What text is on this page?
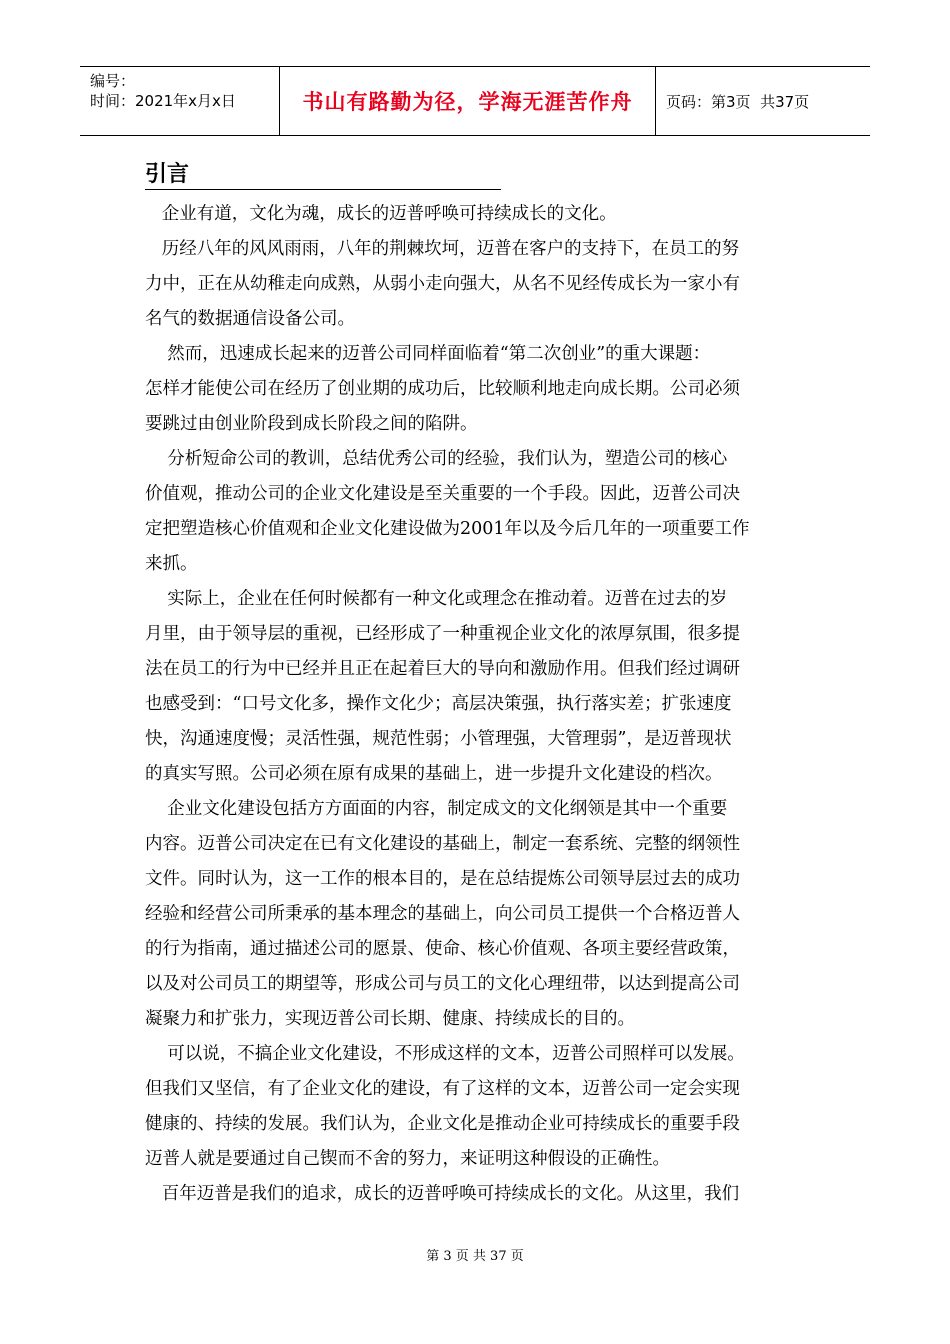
编号：
时间：2021年x月x日	书山有路勤为径，学海无涯苦作舟 页码：第3页  共37页
引言
企业有道，文化为魂，成长的迈普呼唤可持续成长的文化。
历经八年的风风雨雨，八年的荆棘坎坷，迈普在客户的支持下，在员工的努
力中，正在从幼稚走向成熟，从弱小走向强大，从名不见经传成长为一家小有
名气的数据通信设备公司。
然而，迅速成长起来的迈普公司同样面临着“第二次创业”的重大课题：
怎样才能使公司在经历了创业期的成功后，比较顺利地走向成长期。公司必须
要跳过由创业阶段到成长阶段之间的陷阱。
分析短命公司的教训，总结优秀公司的经验，我们认为，塑造公司的核心
价值观，推动公司的企业文化建设是至关重要的一个手段。因此，迈普公司决
定把塑造核心价值观和企业文化建设做为2001年以及今后几年的一项重要工作
来抓。
实际上，企业在任何时候都有一种文化或理念在推动着。迈普在过去的岁
月里，由于领导层的重视，已经形成了一种重视企业文化的浓厚氛围，很多提
法在员工的行为中已经并且正在起着巨大的导向和激励作用。但我们经过调研
也感受到：“口号文化多，操作文化少；高层决策强，执行落实差；扩张速度
快，沟通速度慢；灵活性强，规范性弱；小管理强，大管理弱”，是迈普现状
的真实写照。公司必须在原有成果的基础上，进一步提升文化建设的档次。
企业文化建设包括方方面面的内容，制定成文的文化纲领是其中一个重要
内容。迈普公司决定在已有文化建设的基础上，制定一套系统、完整的纲领性
文件。同时认为，这一工作的根本目的，是在总结提炼公司领导层过去的成功
经验和经营公司所秉承的基本理念的基础上，向公司员工提供一个合格迈普人
的行为指南，通过描述公司的愿景、使命、核心价值观、各项主要经营政策，
以及对公司员工的期望等，形成公司与员工的文化心理纽带，以达到提高公司
凝聚力和扩张力，实现迈普公司长期、健康、持续成长的目的。
可以说，不搞企业文化建设，不形成这样的文本，迈普公司照样可以发展。
但我们又坚信，有了企业文化的建设，有了这样的文本，迈普公司一定会实现
健康的、持续的发展。我们认为，企业文化是推动企业可持续成长的重要手段
迈普人就是要通过自己锲而不舍的努力，来证明这种假设的正确性。
百年迈普是我们的追求，成长的迈普呼唤可持续成长的文化。从这里，我们
第 3 页 共 37 页
